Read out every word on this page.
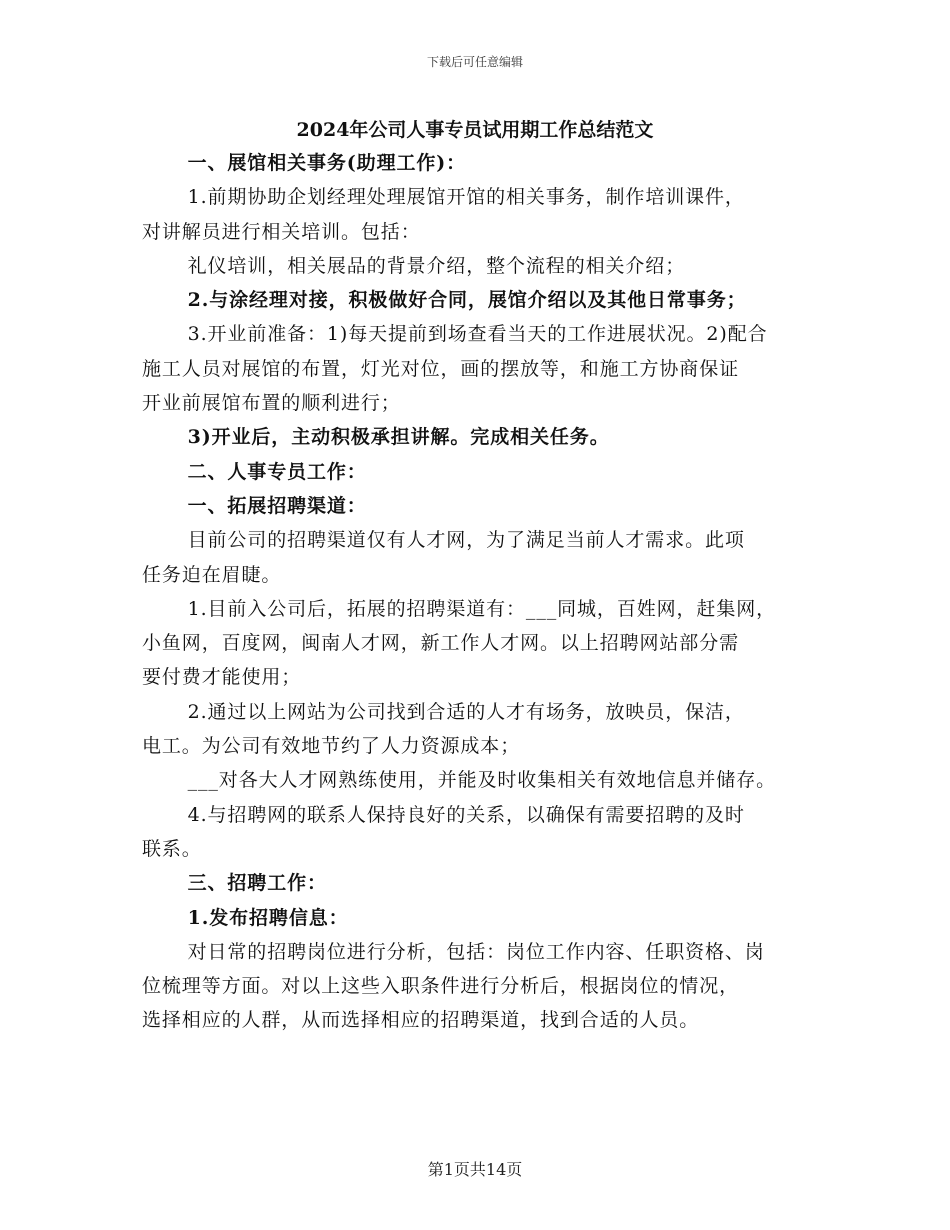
下载后可任意编辑
2024年公司人事专员试用期工作总结范文

一、展馆相关事务(助理工作)：

1.前期协助企划经理处理展馆开馆的相关事务，制作培训课件，

对讲解员进行相关培训。包括：

礼仪培训，相关展品的背景介绍，整个流程的相关介绍；

2.与涂经理对接，积极做好合同，展馆介绍以及其他日常事务；

3.开业前准备：1)每天提前到场查看当天的工作进展状况。2)配合

施工人员对展馆的布置，灯光对位，画的摆放等，和施工方协商保证

开业前展馆布置的顺利进行；

3)开业后，主动积极承担讲解。完成相关任务。

二、人事专员工作：

一、拓展招聘渠道：

目前公司的招聘渠道仅有人才网，为了满足当前人才需求。此项

任务迫在眉睫。

1.目前入公司后，拓展的招聘渠道有：___同城，百姓网，赶集网，

小鱼网，百度网，闽南人才网，新工作人才网。以上招聘网站部分需

要付费才能使用；

2.通过以上网站为公司找到合适的人才有场务，放映员，保洁，

电工。为公司有效地节约了人力资源成本；

___对各大人才网熟练使用，并能及时收集相关有效地信息并储存。

4.与招聘网的联系人保持良好的关系，以确保有需要招聘的及时

联系。

三、招聘工作：

1.发布招聘信息：

对日常的招聘岗位进行分析，包括：岗位工作内容、任职资格、岗

位梳理等方面。对以上这些入职条件进行分析后，根据岗位的情况，

选择相应的人群，从而选择相应的招聘渠道，找到合适的人员。

第1页共14页
